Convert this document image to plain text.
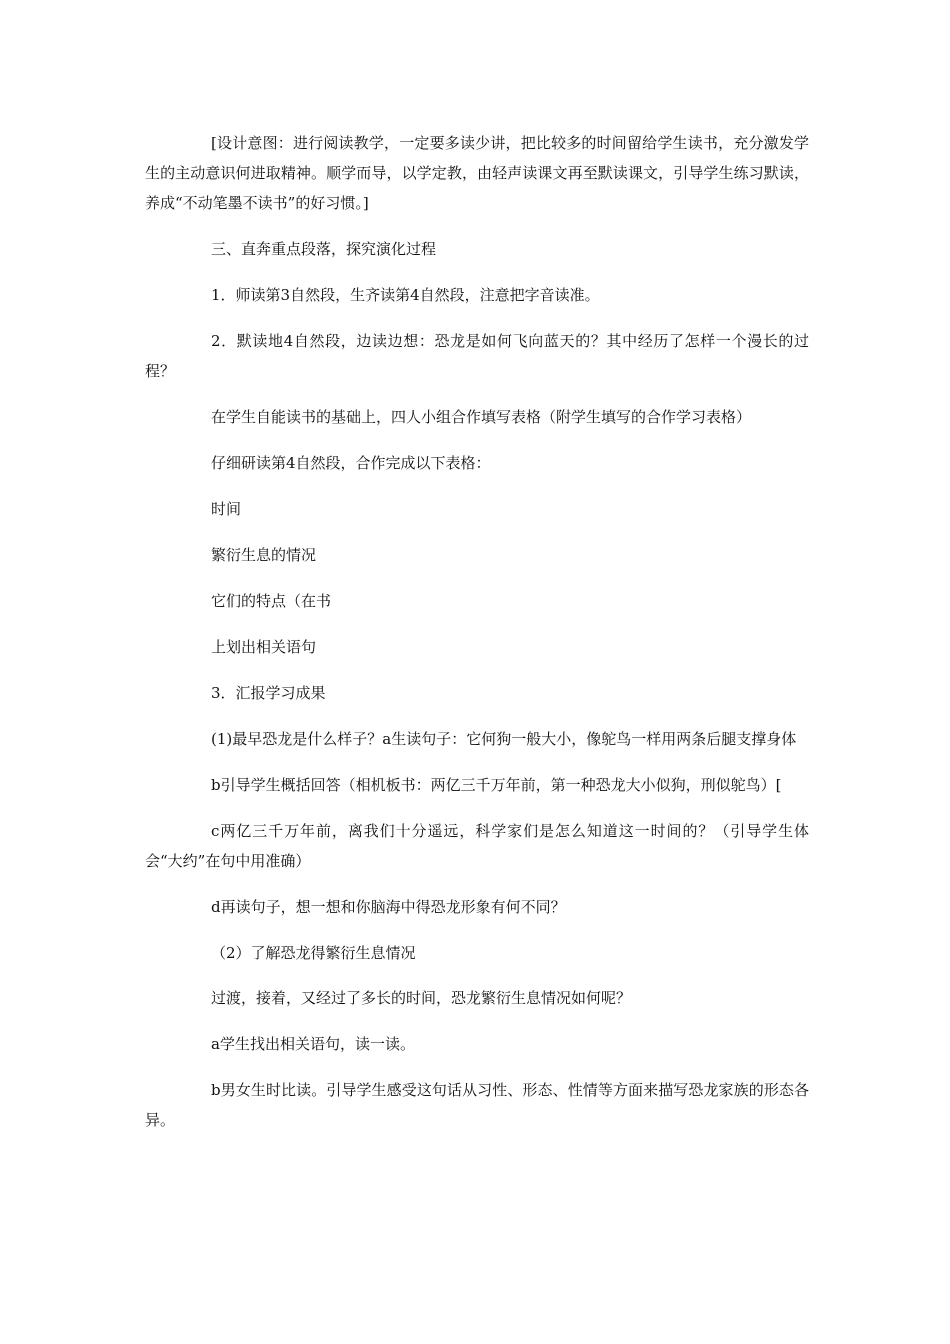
[设计意图：进行阅读教学，一定要多读少讲，把比较多的时间留给学生读书，充分激发学生的主动意识何进取精神。顺学而导，以学定教，由轻声读课文再至默读课文，引导学生练习默读，养成“不动笔墨不读书”的好习惯。]

三、直奔重点段落，探究演化过程

1．师读第3自然段，生齐读第4自然段，注意把字音读准。

2．默读地4自然段，边读边想：恐龙是如何飞向蓝天的？其中经历了怎样一个漫长的过程？

在学生自能读书的基础上，四人小组合作填写表格（附学生填写的合作学习表格）

仔细研读第4自然段，合作完成以下表格：

时间

繁衍生息的情况

它们的特点（在书

上划出相关语句

3．汇报学习成果

(1)最早恐龙是什么样子？a生读句子：它何狗一般大小，像鸵鸟一样用两条后腿支撑身体

b引导学生概括回答（相机板书：两亿三千万年前，第一种恐龙大小似狗，刑似鸵鸟）[

c两亿三千万年前，离我们十分遥远，科学家们是怎么知道这一时间的？（引导学生体会“大约”在句中用准确）

d再读句子，想一想和你脑海中得恐龙形象有何不同？

（2）了解恐龙得繁衍生息情况

过渡，接着，又经过了多长的时间，恐龙繁衍生息情况如何呢？

a学生找出相关语句，读一读。

b男女生时比读。引导学生感受这句话从习性、形态、性情等方面来描写恐龙家族的形态各异。
